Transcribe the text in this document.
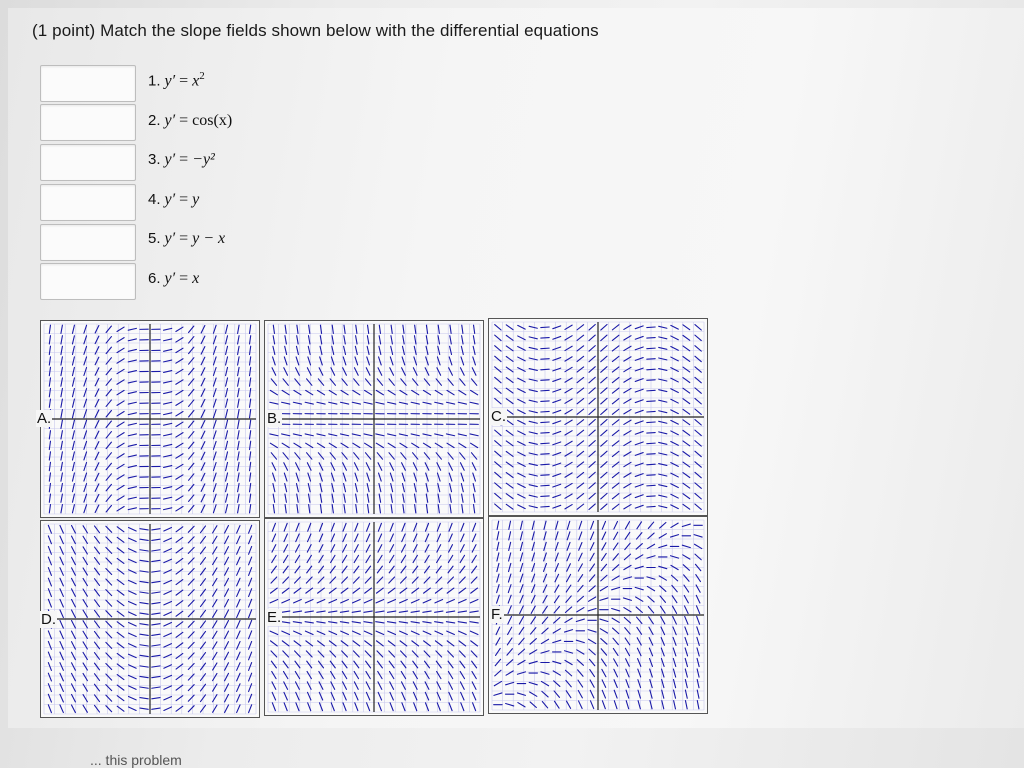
(1 point) Match the slope fields shown below with the differential equations
1. $y' = x^2$
2. y′ = cos(x)
3. y′ = −y²
4. y′ = y
5. y′ = y − x
6. y′ = x
A.	B.	C.
D.	E.	F.
... this problem
